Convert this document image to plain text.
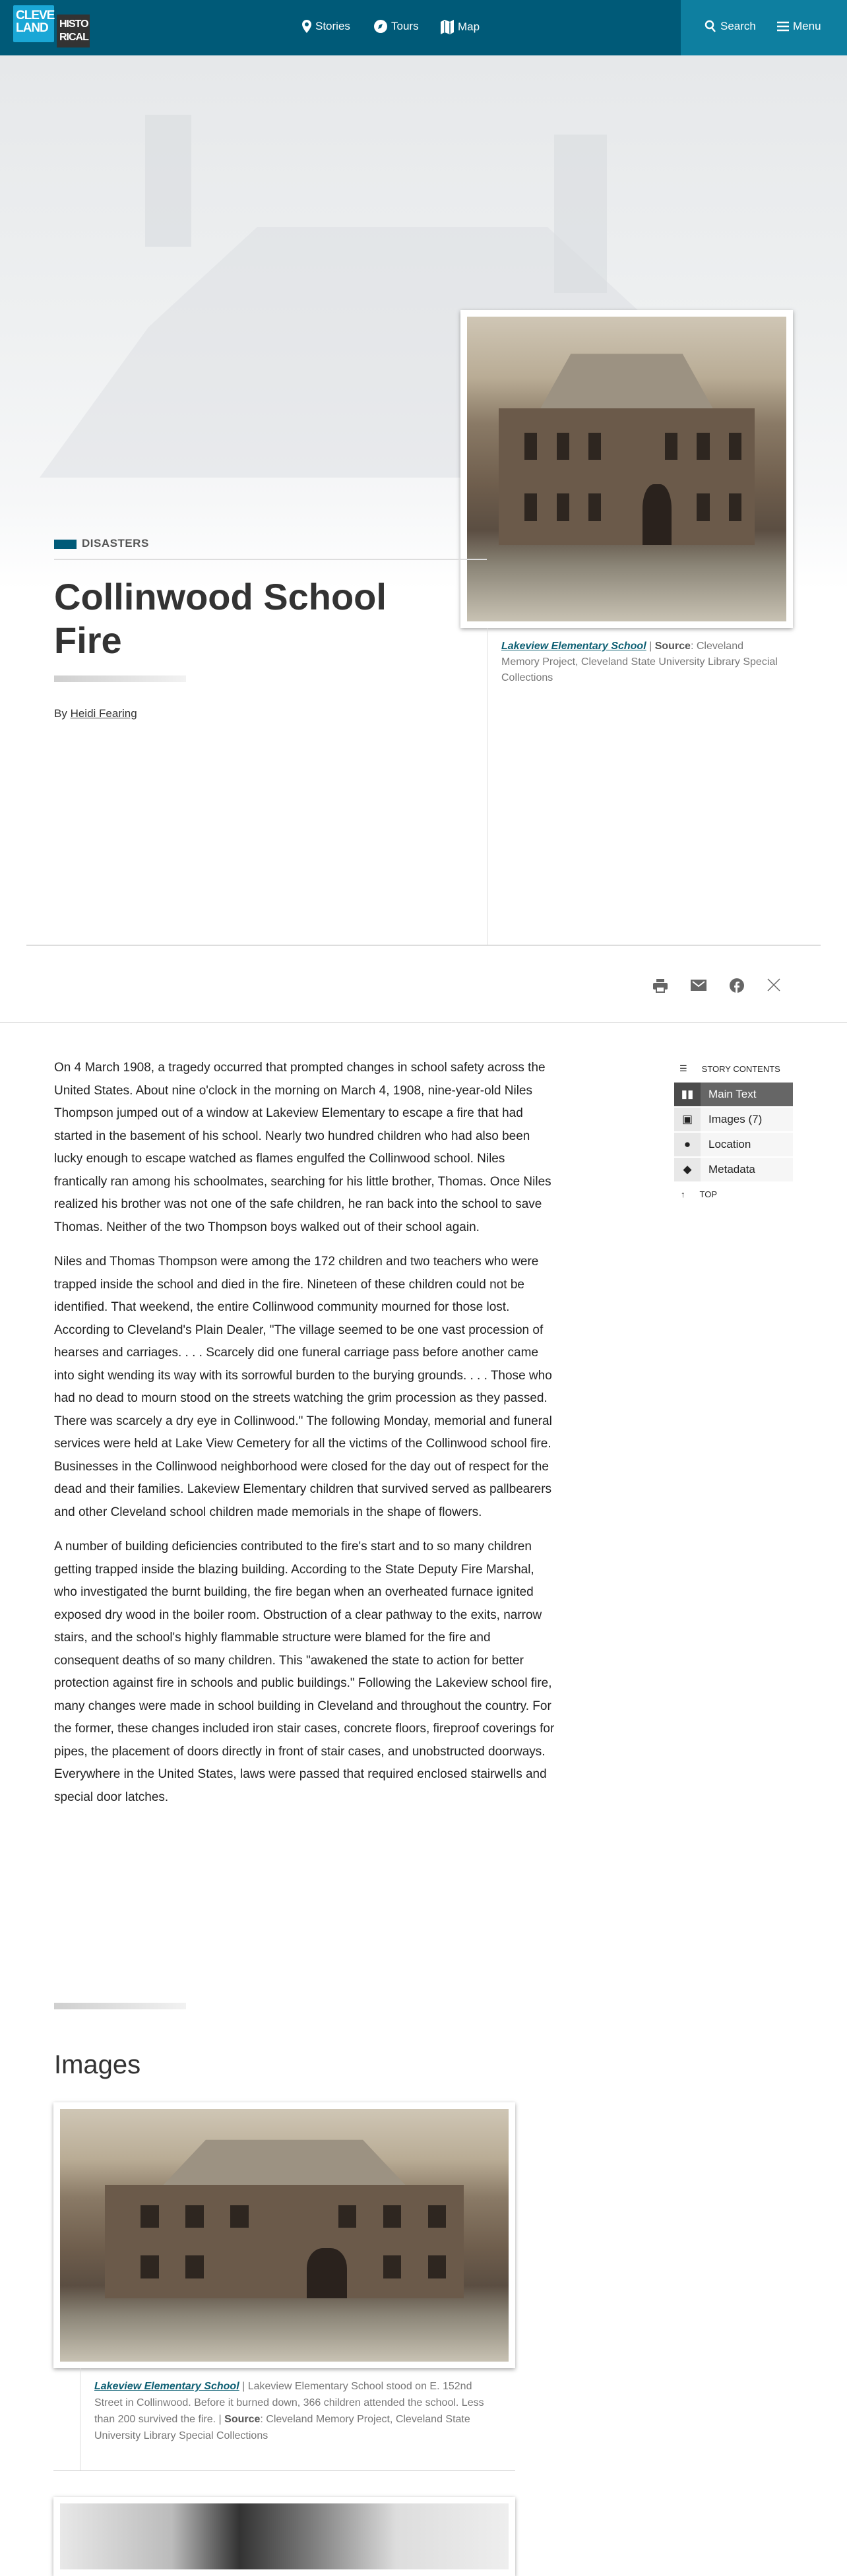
CLEVE LAND	HISTO RICAL
Stories	Tours	Map	Search	Menu
Lakeview Elementary School | Source: Cleveland Memory Project, Cleveland State University Library Special Collections
DISASTERS
Collinwood School Fire
By Heidi Fearing

On 4 March 1908, a tragedy occurred that prompted changes in school safety across the United States. About nine o'clock in the morning on March 4, 1908, nine-year-old Niles Thompson jumped out of a window at Lakeview Elementary to escape a fire that had started in the basement of his school. Nearly two hundred children who had also been lucky enough to escape watched as flames engulfed the Collinwood school. Niles frantically ran among his schoolmates, searching for his little brother, Thomas. Once Niles realized his brother was not one of the safe children, he ran back into the school to save Thomas. Neither of the two Thompson boys walked out of their school again.

Niles and Thomas Thompson were among the 172 children and two teachers who were trapped inside the school and died in the fire. Nineteen of these children could not be identified. That weekend, the entire Collinwood community mourned for those lost. According to Cleveland's Plain Dealer, "The village seemed to be one vast procession of hearses and carriages. . . . Scarcely did one funeral carriage pass before another came into sight wending its way with its sorrowful burden to the burying grounds. . . . Those who had no dead to mourn stood on the streets watching the grim procession as they passed. There was scarcely a dry eye in Collinwood." The following Monday, memorial and funeral services were held at Lake View Cemetery for all the victims of the Collinwood school fire. Businesses in the Collinwood neighborhood were closed for the day out of respect for the dead and their families. Lakeview Elementary children that survived served as pallbearers and other Cleveland school children made memorials in the shape of flowers.

A number of building deficiencies contributed to the fire's start and to so many children getting trapped inside the blazing building. According to the State Deputy Fire Marshal, who investigated the burnt building, the fire began when an overheated furnace ignited exposed dry wood in the boiler room. Obstruction of a clear pathway to the exits, narrow stairs, and the school's highly flammable structure were blamed for the fire and consequent deaths of so many children. This "awakened the state to action for better protection against fire in schools and public buildings." Following the Lakeview school fire, many changes were made in school building in Cleveland and throughout the country. For the former, these changes included iron stair cases, concrete floors, fireproof coverings for pipes, the placement of doors directly in front of stair cases, and unobstructed doorways. Everywhere in the United States, laws were passed that required enclosed stairwells and special door latches.

☰ STORY CONTENTS
▮▮	Main Text
▣	Images (7)
●	Location
◆	Metadata
↑ TOP
Images
Lakeview Elementary School | Lakeview Elementary School stood on E. 152nd Street in Collinwood. Before it burned down, 366 children attended the school. Less than 200 survived the fire. | Source: Cleveland Memory Project, Cleveland State University Library Special Collections
